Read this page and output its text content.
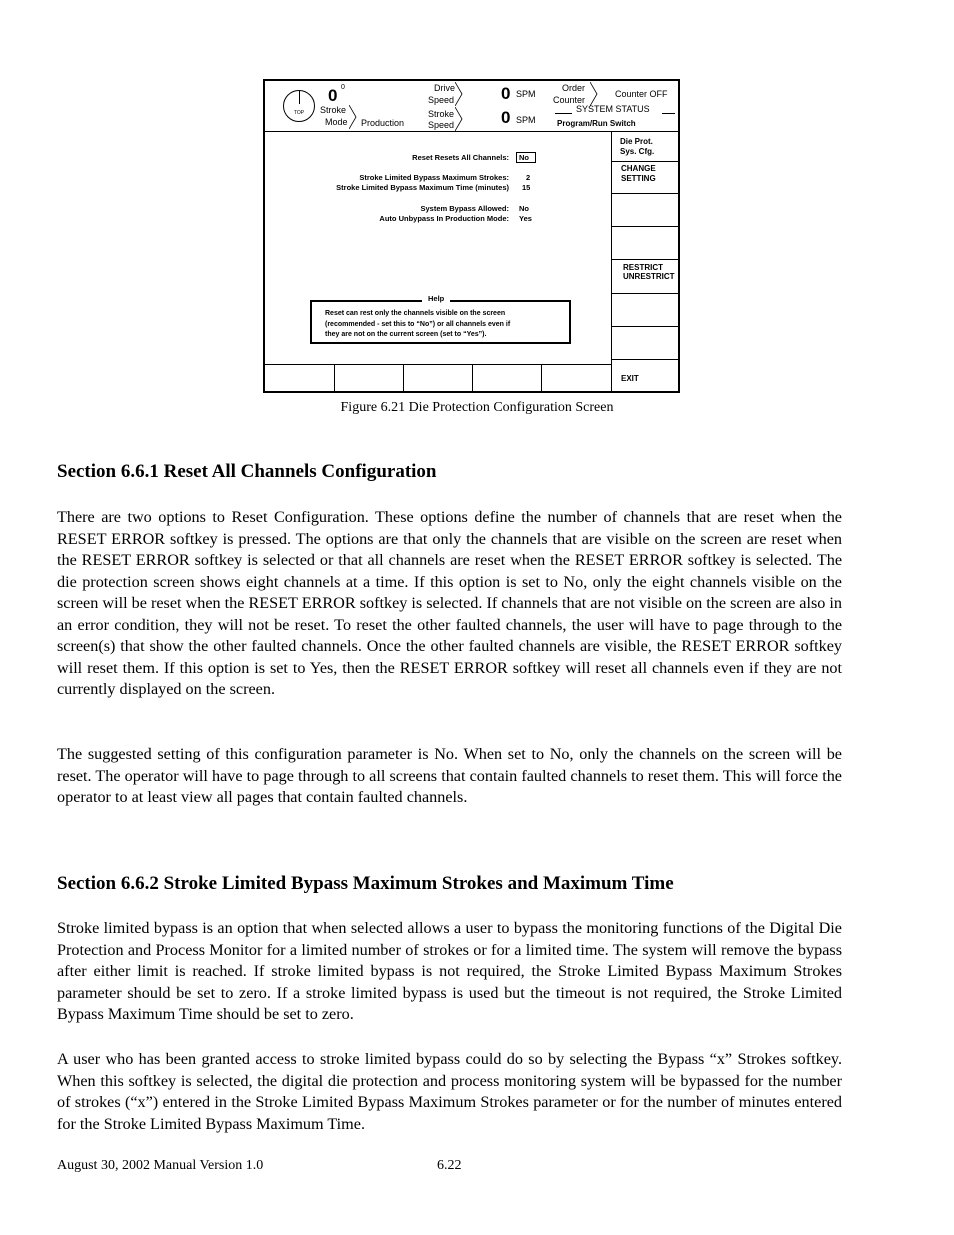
TOP
0 0
Stroke
Mode Production
Drive
Speed
Stroke
Speed
0 SPM
0 SPM
Order
Counter
Counter OFF
SYSTEM STATUS
Program/Run Switch
Reset Resets All Channels:	No
Stroke Limited Bypass Maximum Strokes: 2
Stroke Limited Bypass Maximum Time (minutes) 15
System Bypass Allowed: No
Auto Unbypass In Production Mode: Yes
Help
Reset can rest only the channels visible on the screen
(recommended - set this to “No”) or all channels even if
they are not on the current screen (set to “Yes”).
Die Prot.
Sys. Cfg.
CHANGE
SETTING
RESTRICT
UNRESTRICT
EXIT
Figure 6.21 Die Protection Configuration Screen
Section 6.6.1 Reset All Channels Configuration

There are two options to Reset Configuration. These options define the number of channels that are reset when the RESET ERROR softkey is pressed. The options are that only the channels that are visible on the screen are reset when the RESET ERROR softkey is selected or that all channels are reset when the RESET ERROR softkey is selected. The die protection screen shows eight channels at a time. If this option is set to No, only the eight channels visible on the screen will be reset when the RESET ERROR softkey is selected. If channels that are not visible on the screen are also in an error condition, they will not be reset. To reset the other faulted channels, the user will have to page through to the screen(s) that show the other faulted channels. Once the other faulted channels are visible, the RESET ERROR softkey will reset them. If this option is set to Yes, then the RESET ERROR softkey will reset all channels even if they are not currently displayed on the screen.

The suggested setting of this configuration parameter is No. When set to No, only the channels on the screen will be reset. The operator will have to page through to all screens that contain faulted channels to reset them. This will force the operator to at least view all pages that contain faulted channels.

Section 6.6.2 Stroke Limited Bypass Maximum Strokes and Maximum Time

Stroke limited bypass is an option that when selected allows a user to bypass the monitoring functions of the Digital Die Protection and Process Monitor for a limited number of strokes or for a limited time. The system will remove the bypass after either limit is reached. If stroke limited bypass is not required, the Stroke Limited Bypass Maximum Strokes parameter should be set to zero. If a stroke limited bypass is used but the timeout is not required, the Stroke Limited Bypass Maximum Time should be set to zero.

A user who has been granted access to stroke limited bypass could do so by selecting the Bypass “x” Strokes softkey. When this softkey is selected, the digital die protection and process monitoring system will be bypassed for the number of strokes (“x”) entered in the Stroke Limited Bypass Maximum Strokes parameter or for the number of minutes entered for the Stroke Limited Bypass Maximum Time.

August 30, 2002 Manual Version 1.0	6.22
